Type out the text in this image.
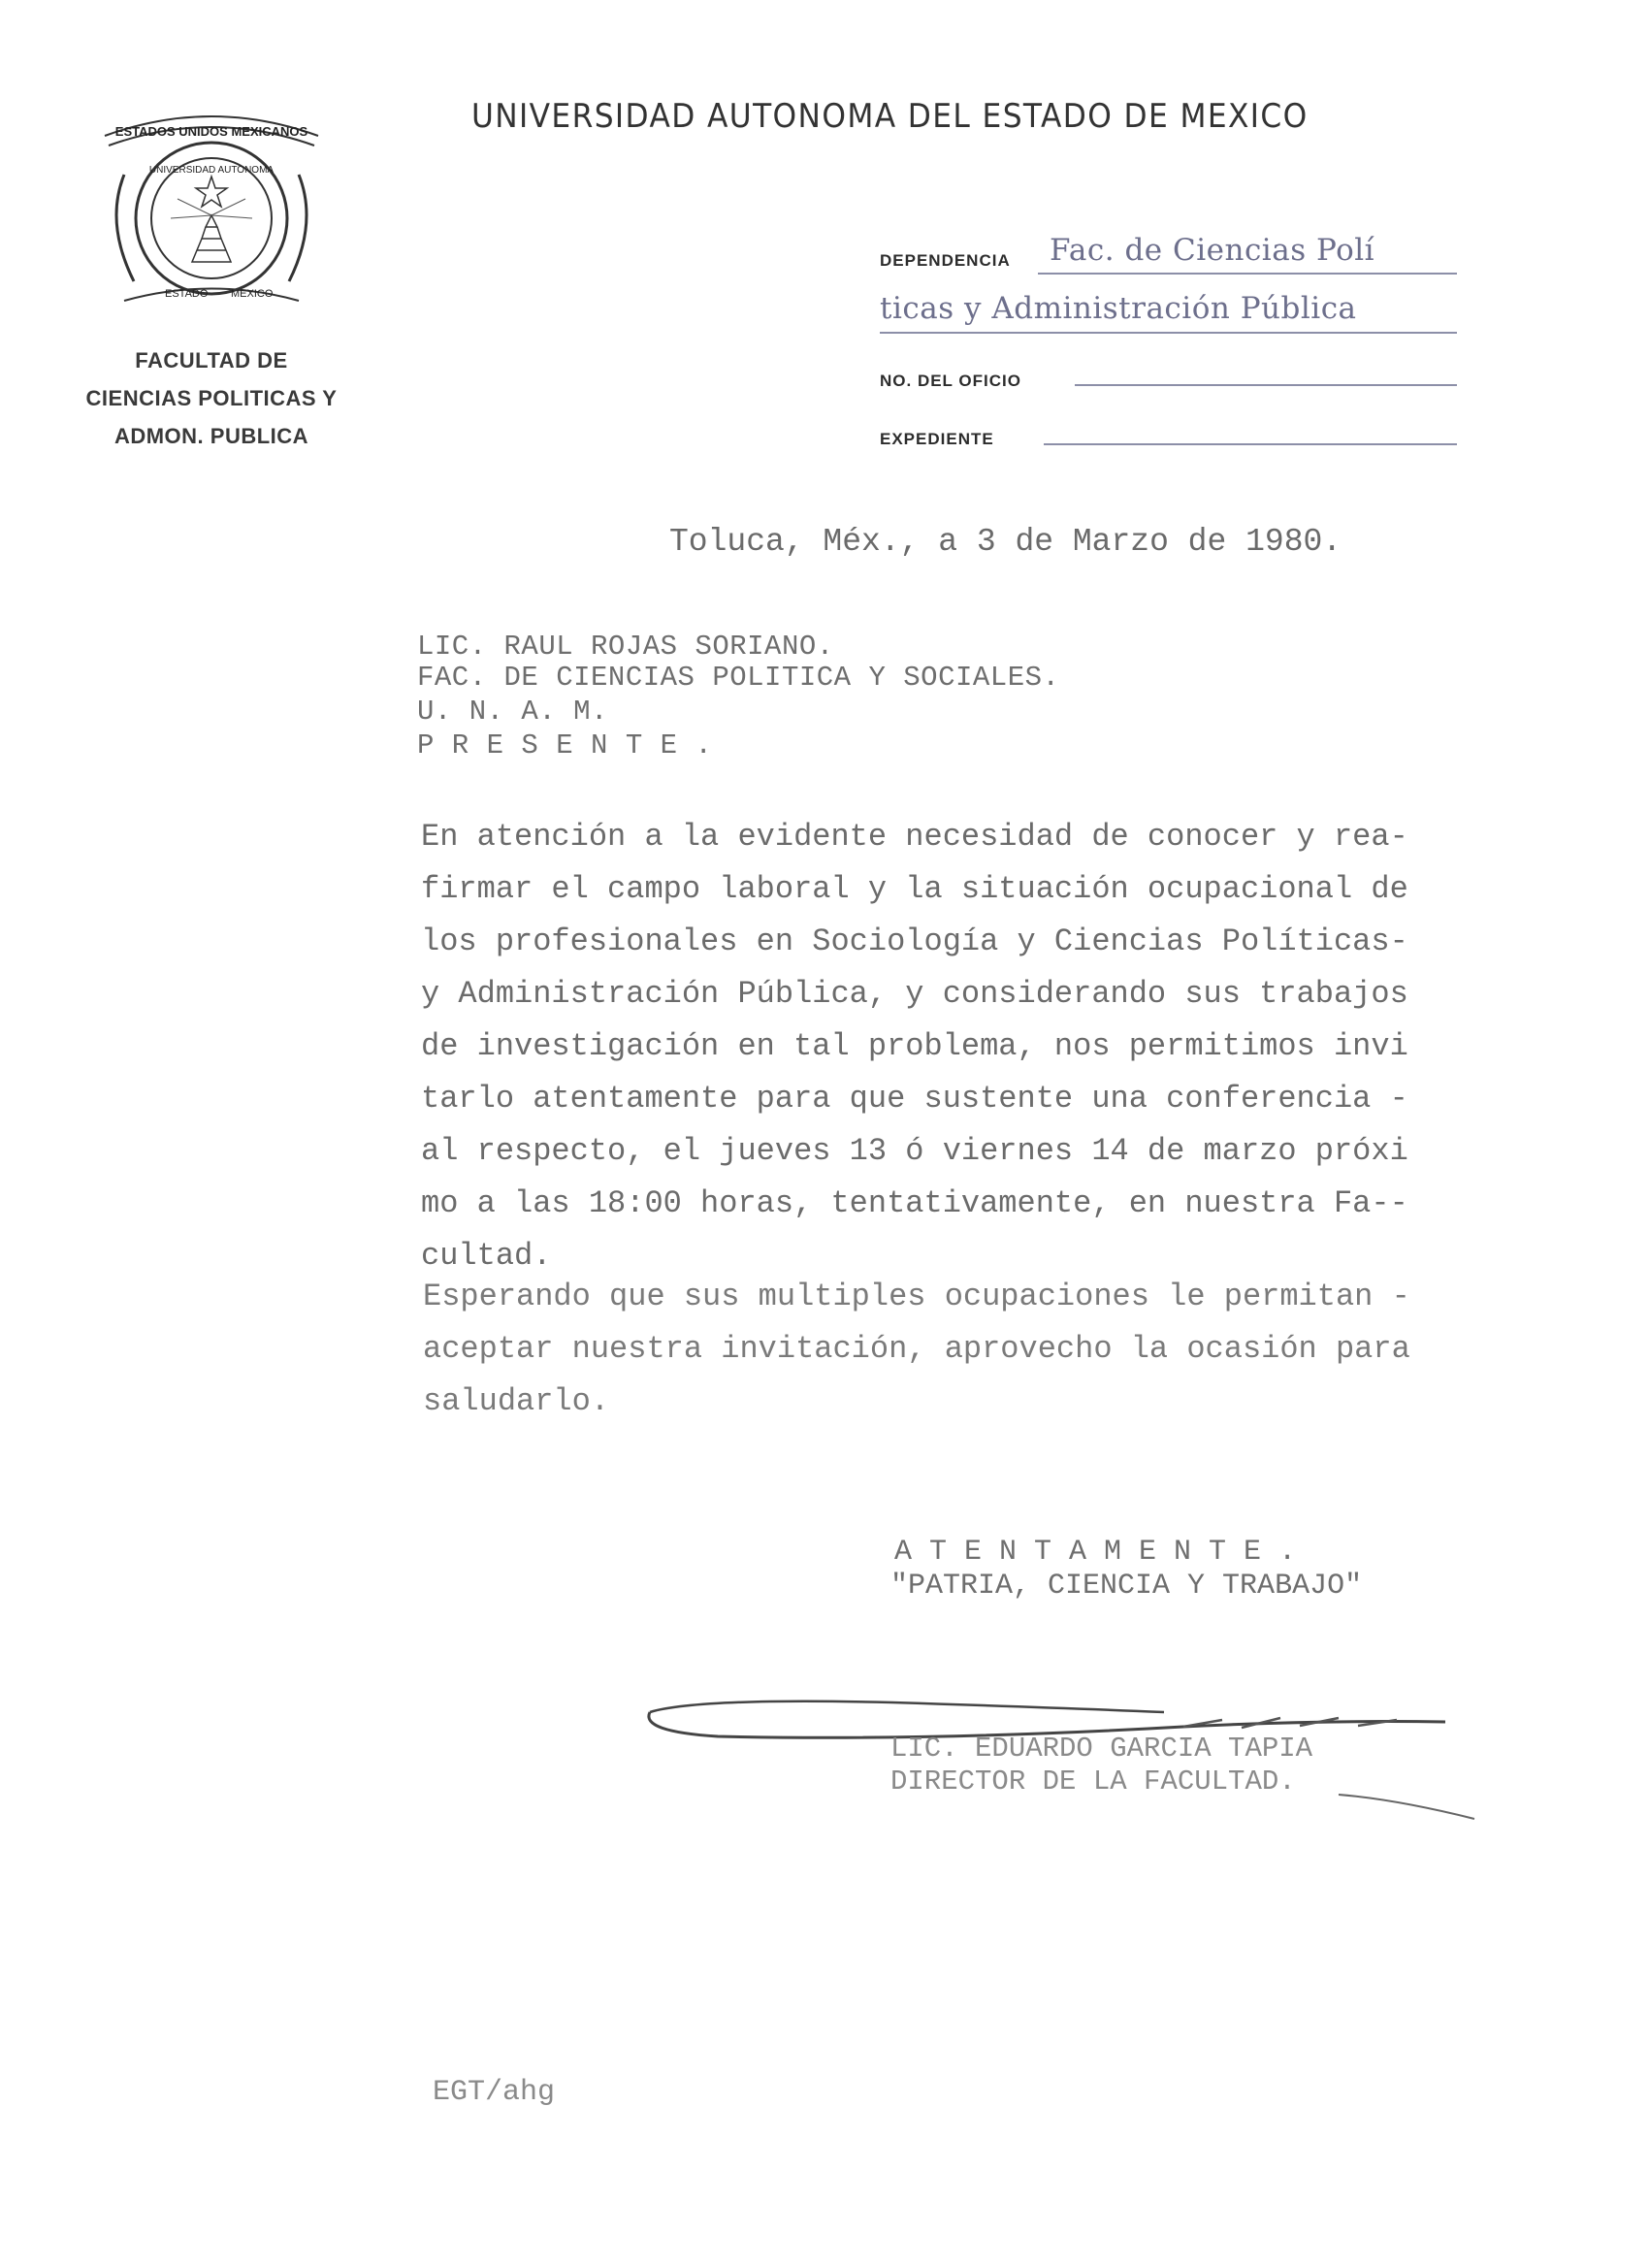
ESTADOS UNIDOS MEXICANOS
UNIVERSIDAD AUTONOMA
ESTADO MEXICO
FACULTAD DE
CIENCIAS POLITICAS Y
ADMON. PUBLICA
UNIVERSIDAD AUTONOMA DEL ESTADO DE MEXICO
DEPENDENCIA Fac. de Ciencias Polí
ticas y Administración Pública
NO. DEL OFICIO
EXPEDIENTE
Toluca, Méx., a 3 de Marzo de 1980.
LIC. RAUL ROJAS SORIANO.
FAC. DE CIENCIAS POLITICA Y SOCIALES.
U. N. A. M.
P R E S E N T E .
En atención a la evidente necesidad de conocer y rea-
firmar el campo laboral y la situación ocupacional de
los profesionales en Sociología y Ciencias Políticas-
y Administración Pública, y considerando sus trabajos
de investigación en tal problema, nos permitimos invi
tarlo atentamente para que sustente una conferencia -
al respecto, el jueves 13 ó viernes 14 de marzo próxi
mo a las 18:00 horas, tentativamente, en nuestra Fa--
cultad.
Esperando que sus multiples ocupaciones le permitan -
aceptar nuestra invitación, aprovecho la ocasión para
saludarlo.
A T E N T A M E N T E .
"PATRIA, CIENCIA Y TRABAJO"
LIC. EDUARDO GARCIA TAPIA
DIRECTOR DE LA FACULTAD.
EGT/ahg
